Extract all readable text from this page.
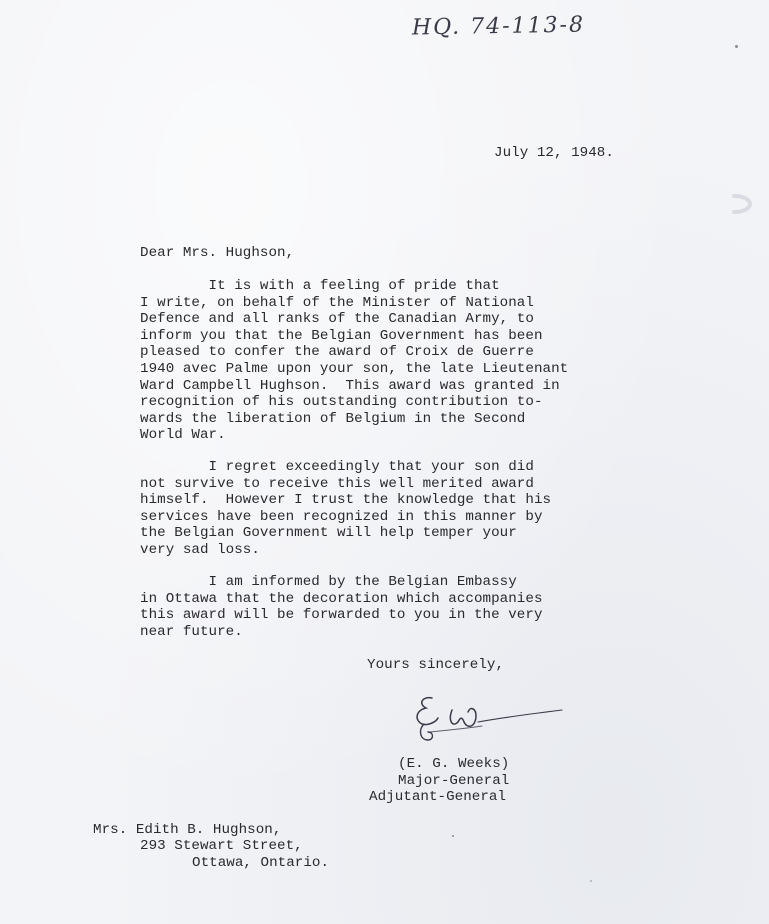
HQ. 74-113-8

July 12, 1948.

Dear Mrs. Hughson,

It is with a feeling of pride that
I write, on behalf of the Minister of National
Defence and all ranks of the Canadian Army, to
inform you that the Belgian Government has been
pleased to confer the award of Croix de Guerre
1940 avec Palme upon your son, the late Lieutenant
Ward Campbell Hughson.  This award was granted in
recognition of his outstanding contribution to-
wards the liberation of Belgium in the Second
World War.

I regret exceedingly that your son did
not survive to receive this well merited award
himself.  However I trust the knowledge that his
services have been recognized in this manner by
the Belgian Government will help temper your
very sad loss.

I am informed by the Belgian Embassy
in Ottawa that the decoration which accompanies
this award will be forwarded to you in the very
near future.

Yours sincerely,

(E. G. Weeks)

Major-General

Adjutant-General

Mrs. Edith B. Hughson,

293 Stewart Street,

Ottawa, Ontario.
